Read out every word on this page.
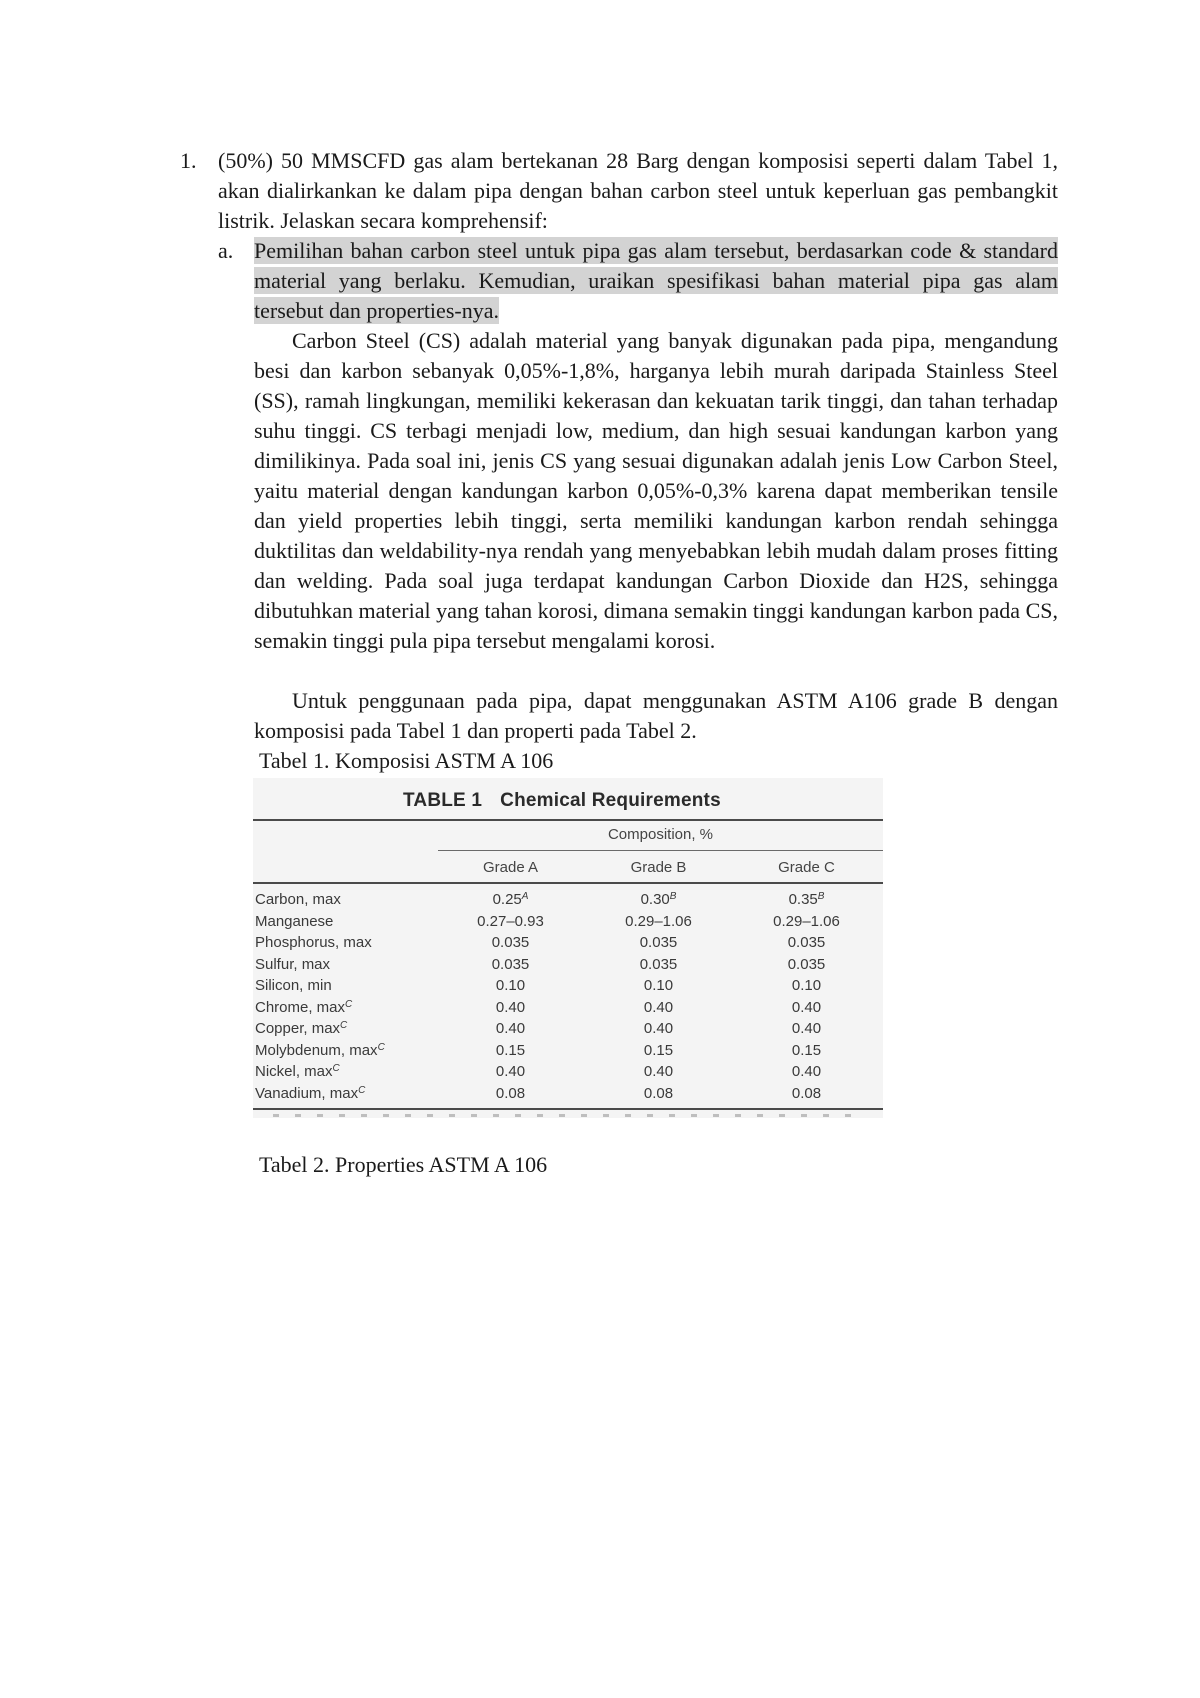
1. (50%) 50 MMSCFD gas alam bertekanan 28 Barg dengan komposisi seperti dalam Tabel 1, akan dialirkankan ke dalam pipa dengan bahan carbon steel untuk keperluan gas pembangkit listrik. Jelaskan secara komprehensif:
a. Pemilihan bahan carbon steel untuk pipa gas alam tersebut, berdasarkan code & standard material yang berlaku. Kemudian, uraikan spesifikasi bahan material pipa gas alam tersebut dan properties-nya.
Carbon Steel (CS) adalah material yang banyak digunakan pada pipa, mengandung besi dan karbon sebanyak 0,05%-1,8%, harganya lebih murah daripada Stainless Steel (SS), ramah lingkungan, memiliki kekerasan dan kekuatan tarik tinggi, dan tahan terhadap suhu tinggi. CS terbagi menjadi low, medium, dan high sesuai kandungan karbon yang dimilikinya. Pada soal ini, jenis CS yang sesuai digunakan adalah jenis Low Carbon Steel, yaitu material dengan kandungan karbon 0,05%-0,3% karena dapat memberikan tensile dan yield properties lebih tinggi, serta memiliki kandungan karbon rendah sehingga duktilitas dan weldability-nya rendah yang menyebabkan lebih mudah dalam proses fitting dan welding. Pada soal juga terdapat kandungan Carbon Dioxide dan H2S, sehingga dibutuhkan material yang tahan korosi, dimana semakin tinggi kandungan karbon pada CS, semakin tinggi pula pipa tersebut mengalami korosi.
Untuk penggunaan pada pipa, dapat menggunakan ASTM A106 grade B dengan komposisi pada Tabel 1 dan properti pada Tabel 2.
Tabel 1. Komposisi ASTM A 106
TABLE 1 Chemical Requirements
Composition, %
Grade A	Grade B	Grade C
Carbon, max	$0.25^A$	$0.30^B$	$0.35^B$
Manganese	0.27–0.93	0.29–1.06	0.29–1.06
Phosphorus, max	0.035	0.035	0.035
Sulfur, max	0.035	0.035	0.035
Silicon, min	0.10	0.10	0.10
Chrome, $\max^C$	0.40	0.40	0.40
Copper, $\max^C$	0.40	0.40	0.40
Molybdenum, $\max^C$	0.15	0.15	0.15
Nickel, $\max^C$	0.40	0.40	0.40
Vanadium, $\max^C$	0.08	0.08	0.08
Tabel 2. Properties ASTM A 106
